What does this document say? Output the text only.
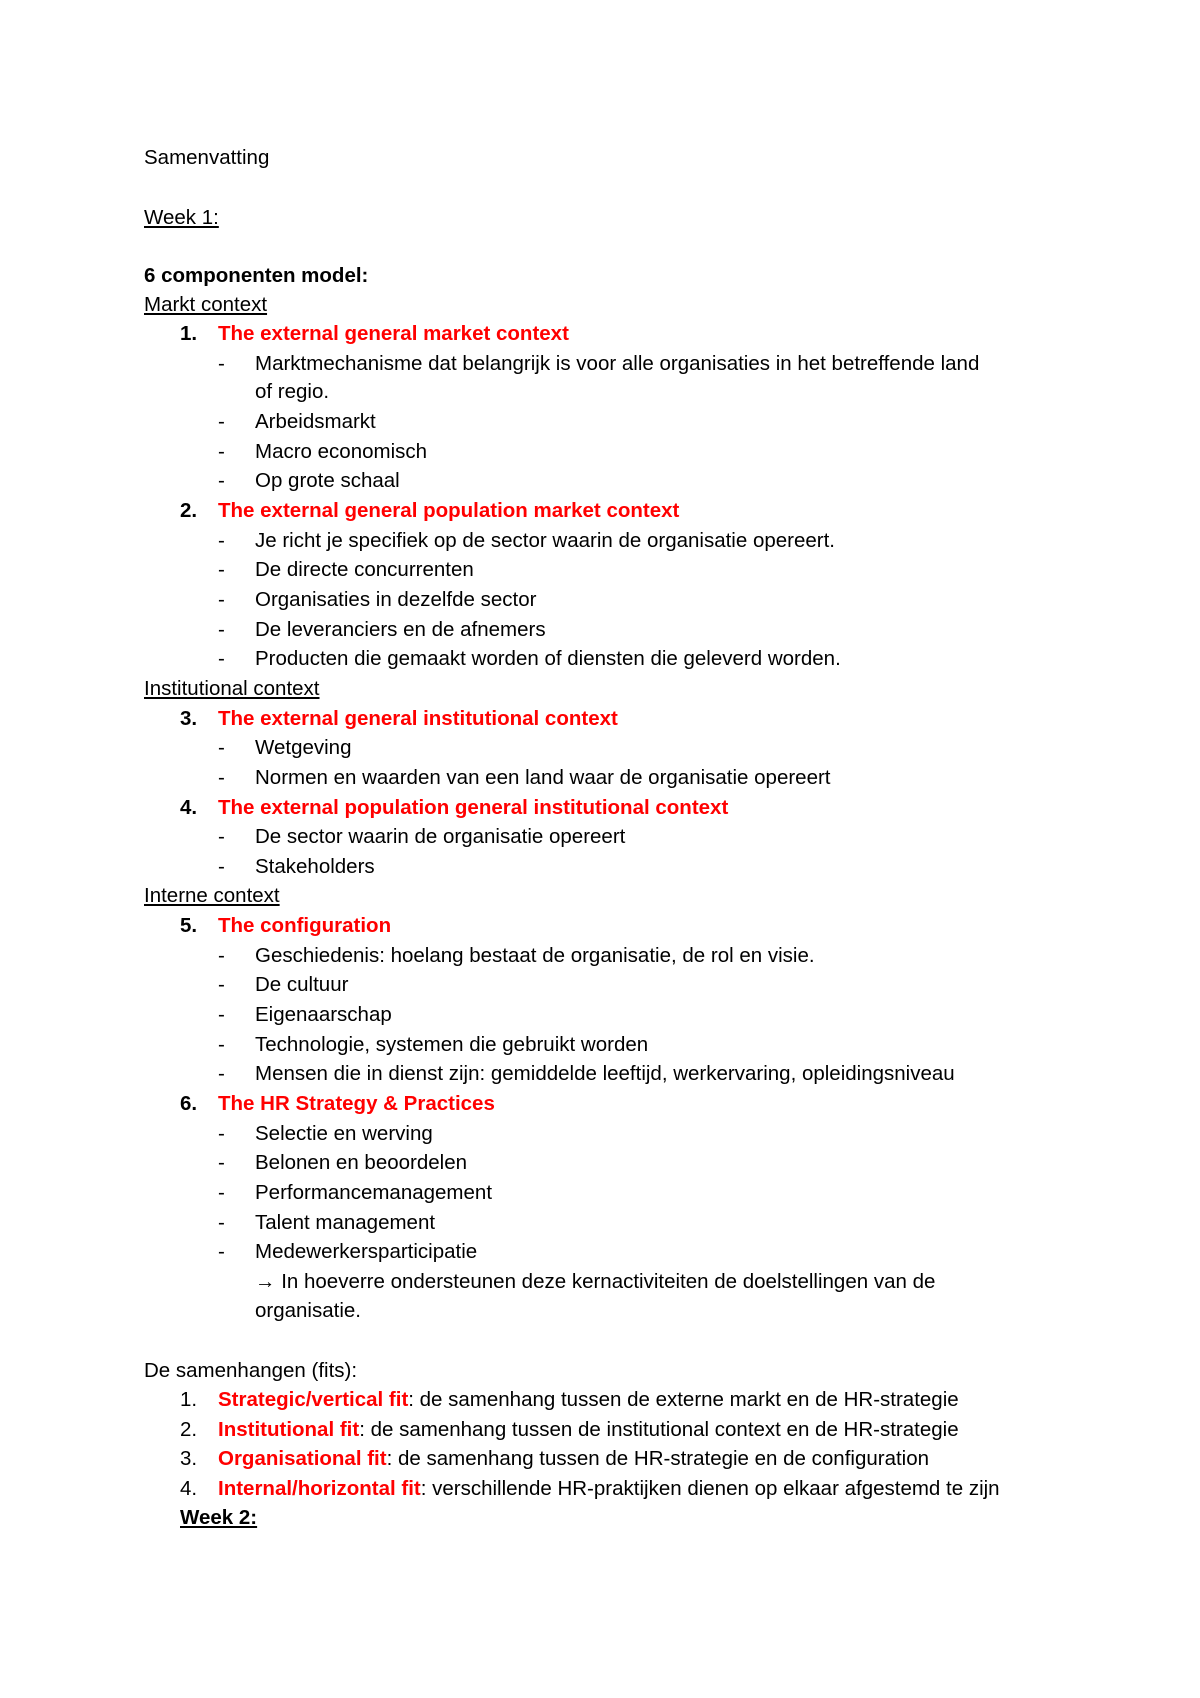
Samenvatting
Week 1:
6 componenten model:
Markt context
1. The external general market context
- Marktmechanisme dat belangrijk is voor alle organisaties in het betreffende land
of regio.
- Arbeidsmarkt
- Macro economisch
- Op grote schaal
2. The external general population market context
- Je richt je specifiek op de sector waarin de organisatie opereert.
- De directe concurrenten
- Organisaties in dezelfde sector
- De leveranciers en de afnemers
- Producten die gemaakt worden of diensten die geleverd worden.
Institutional context
3. The external general institutional context
- Wetgeving
- Normen en waarden van een land waar de organisatie opereert
4. The external population general institutional context
- De sector waarin de organisatie opereert
- Stakeholders
Interne context
5. The configuration
- Geschiedenis: hoelang bestaat de organisatie, de rol en visie.
- De cultuur
- Eigenaarschap
- Technologie, systemen die gebruikt worden
- Mensen die in dienst zijn: gemiddelde leeftijd, werkervaring, opleidingsniveau
6. The HR Strategy & Practices
- Selectie en werving
- Belonen en beoordelen
- Performancemanagement
- Talent management
- Medewerkersparticipatie
→ In hoeverre ondersteunen deze kernactiviteiten de doelstellingen van de
organisatie.
De samenhangen (fits):
1. Strategic/vertical fit: de samenhang tussen de externe markt en de HR-strategie
2. Institutional fit: de samenhang tussen de institutional context en de HR-strategie
3. Organisational fit: de samenhang tussen de HR-strategie en de configuration
4. Internal/horizontal fit: verschillende HR-praktijken dienen op elkaar afgestemd te zijn
Week 2:
